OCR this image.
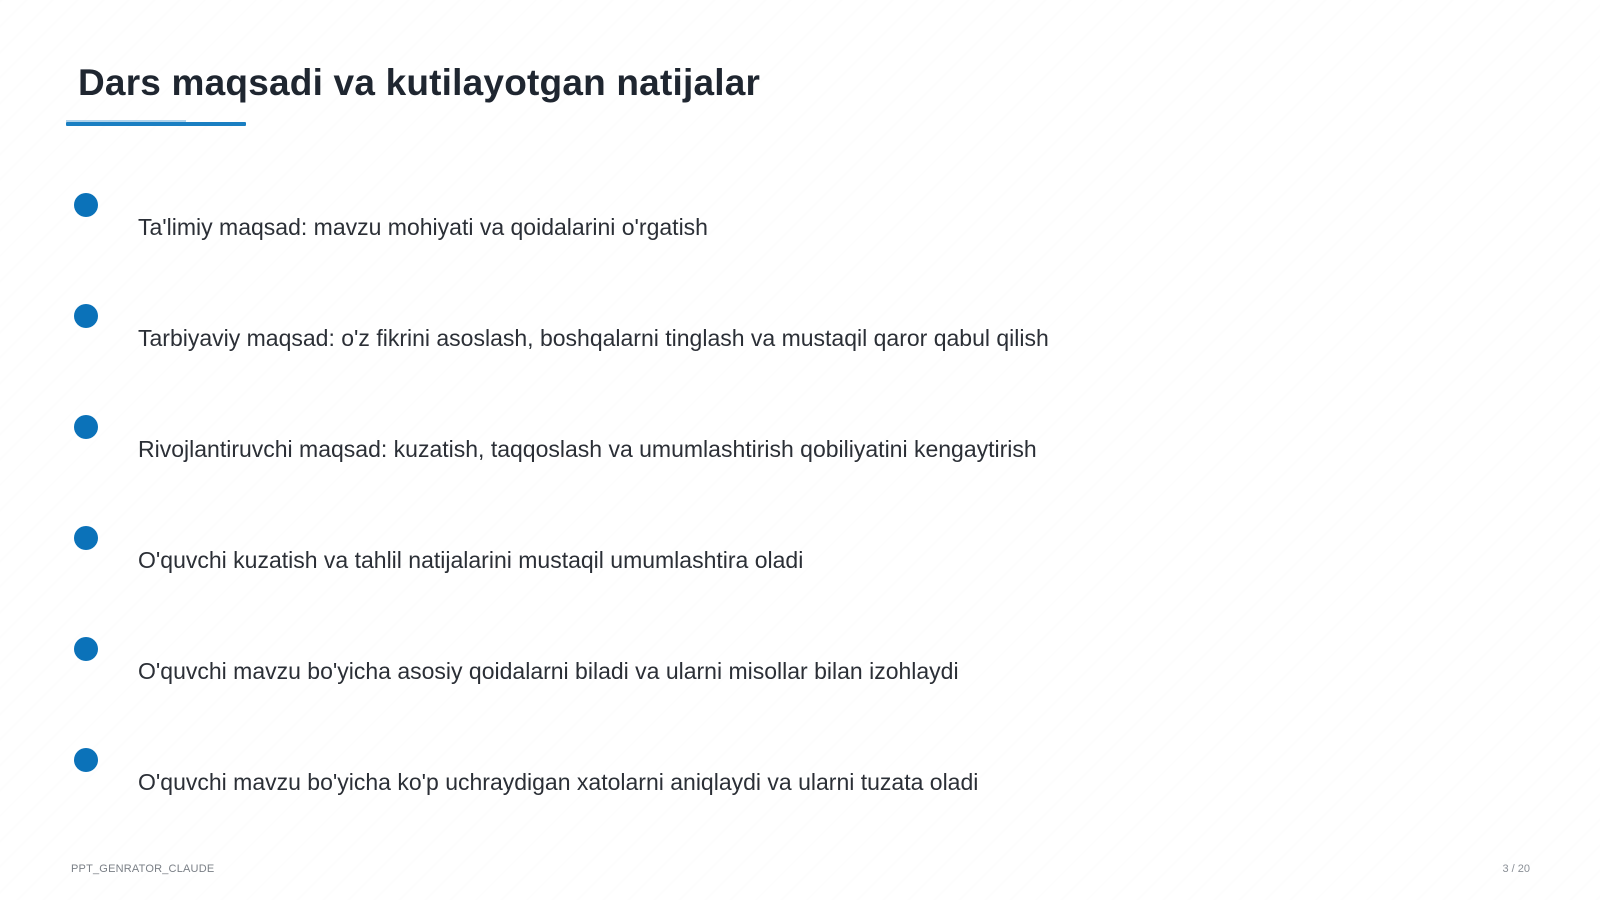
Dars maqsadi va kutilayotgan natijalar
Ta'limiy maqsad: mavzu mohiyati va qoidalarini o'rgatish
Tarbiyaviy maqsad: o'z fikrini asoslash, boshqalarni tinglash va mustaqil qaror qabul qilish
Rivojlantiruvchi maqsad: kuzatish, taqqoslash va umumlashtirish qobiliyatini kengaytirish
O'quvchi kuzatish va tahlil natijalarini mustaqil umumlashtira oladi
O'quvchi mavzu bo'yicha asosiy qoidalarni biladi va ularni misollar bilan izohlaydi
O'quvchi mavzu bo'yicha ko'p uchraydigan xatolarni aniqlaydi va ularni tuzata oladi
PPT_GENRATOR_CLAUDE	3 / 20
